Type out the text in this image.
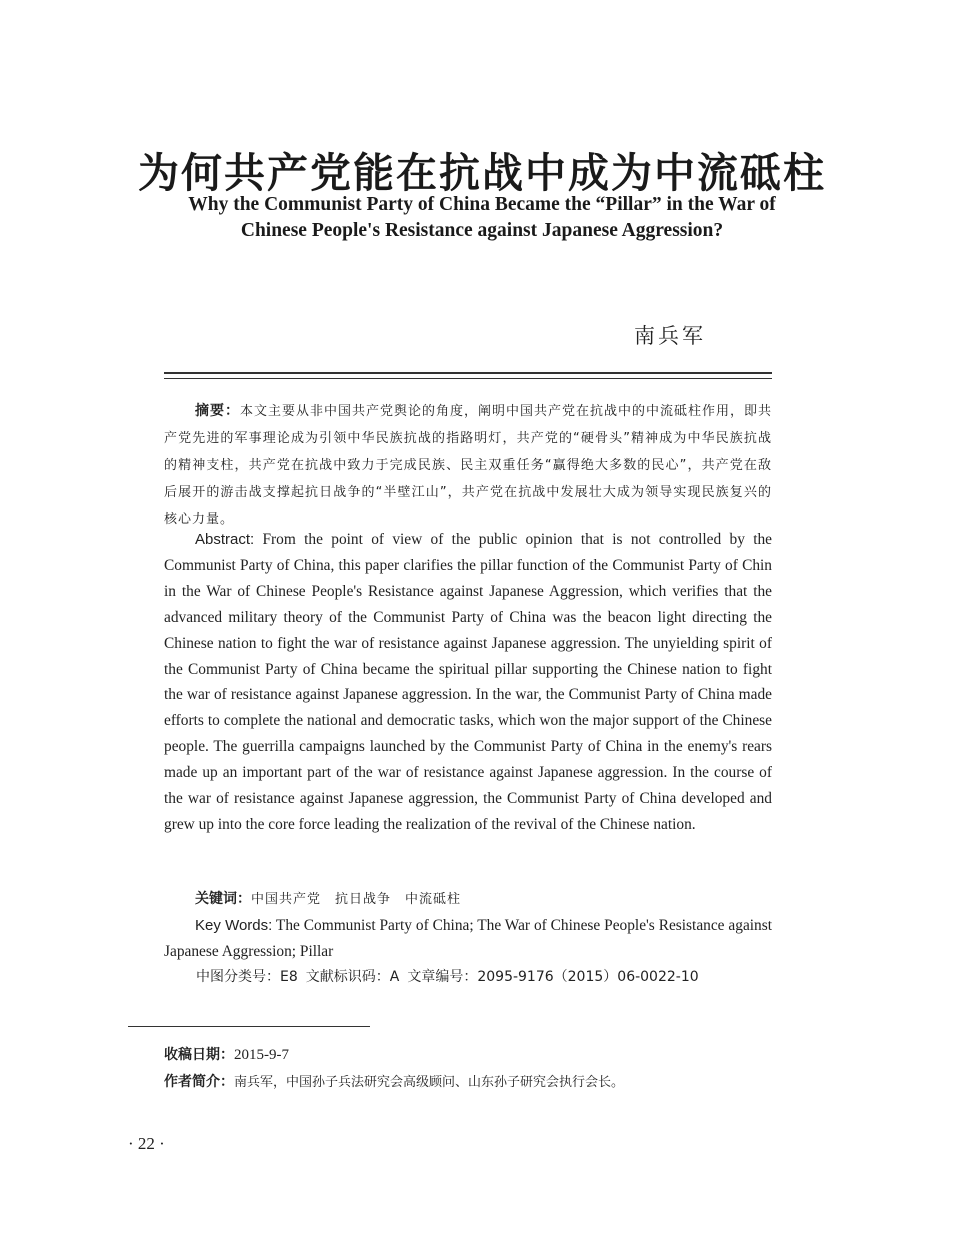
为何共产党能在抗战中成为中流砥柱
Why the Communist Party of China Became the “Pillar” in the War of
Chinese People's Resistance against Japanese Aggression?
南兵军
摘要：本文主要从非中国共产党舆论的角度，阐明中国共产党在抗战中的中流砥柱作用，即共产党先进的军事理论成为引领中华民族抗战的指路明灯，共产党的“硬骨头”精神成为中华民族抗战的精神支柱，共产党在抗战中致力于完成民族、民主双重任务“赢得绝大多数的民心”，共产党在敌后展开的游击战支撑起抗日战争的“半壁江山”，共产党在抗战中发展壮大成为领导实现民族复兴的核心力量。
Abstract: From the point of view of the public opinion that is not controlled by the Communist Party of China, this paper clarifies the pillar function of the Communist Party of Chin in the War of Chinese People's Resistance against Japanese Aggression, which verifies that the advanced military theory of the Communist Party of China was the beacon light directing the Chinese nation to fight the war of resistance against Japanese aggression. The unyielding spirit of the Communist Party of China became the spiritual pillar supporting the Chinese nation to fight the war of resistance against Japanese aggression. In the war, the Communist Party of China made efforts to complete the national and democratic tasks, which won the major support of the Chinese people. The guerrilla campaigns launched by the Communist Party of China in the enemy's rears made up an important part of the war of resistance against Japanese aggression. In the course of the war of resistance against Japanese aggression, the Communist Party of China developed and grew up into the core force leading the realization of the revival of the Chinese nation.
关键词：中国共产党 抗日战争 中流砥柱
Key Words: The Communist Party of China; The War of Chinese People's Resistance against Japanese Aggression; Pillar
中图分类号：E8 文献标识码：A 文章编号：2095-9176（2015）06-0022-10
收稿日期：2015-9-7
作者简介：南兵军，中国孙子兵法研究会高级顾问、山东孙子研究会执行会长。
· 22 ·
